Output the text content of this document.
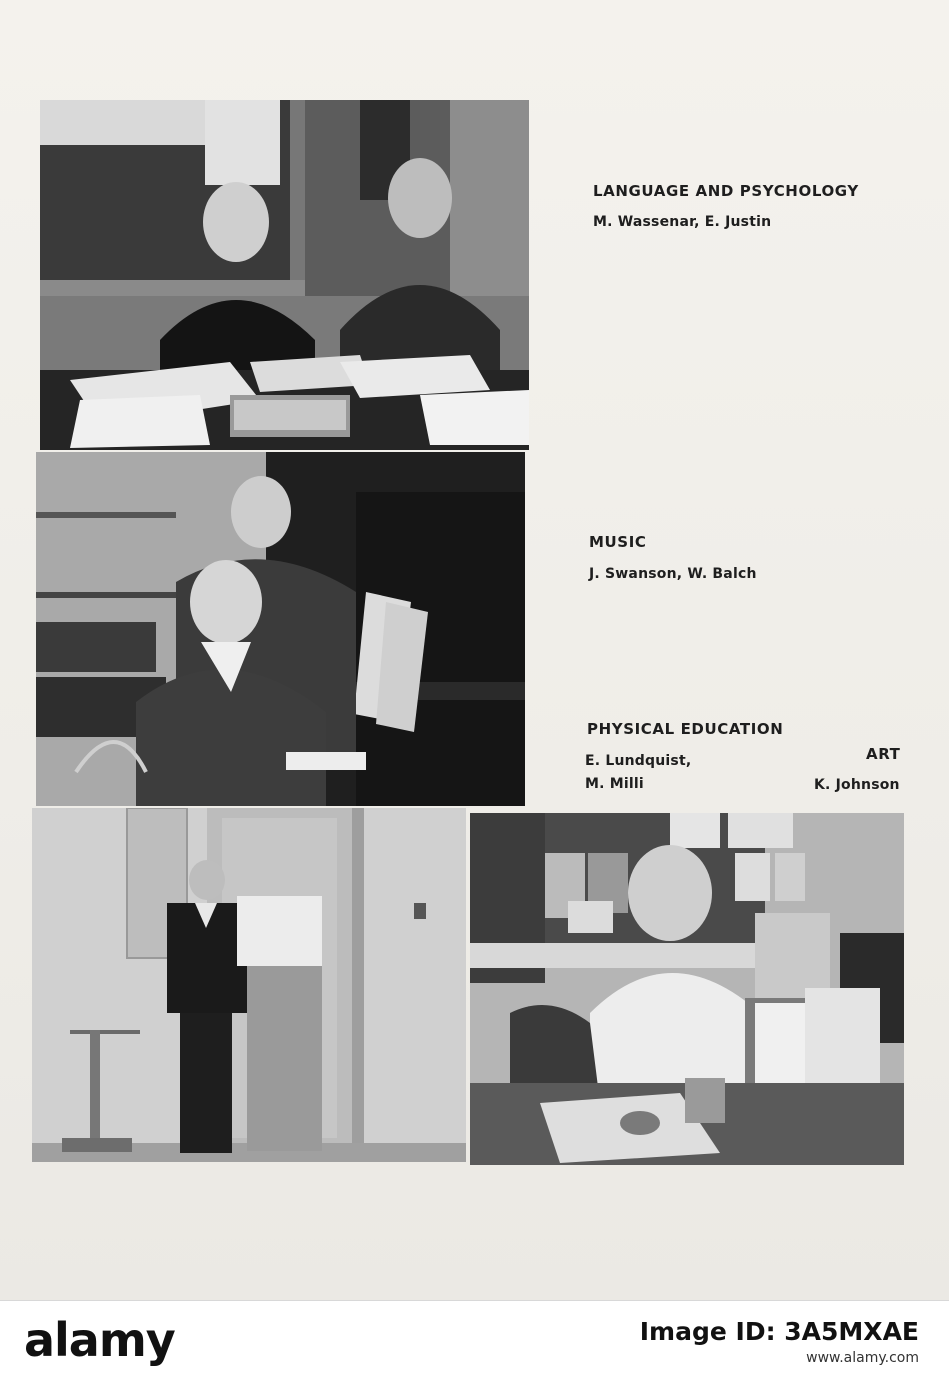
LANGUAGE AND PSYCHOLOGY
M. Wassenar, E. Justin
MUSIC
J. Swanson, W. Balch
PHYSICAL EDUCATION
E. Lundquist,
M. Milli
ART
K. Johnson
alamy	Image ID: 3A5MXAE
www.alamy.com
